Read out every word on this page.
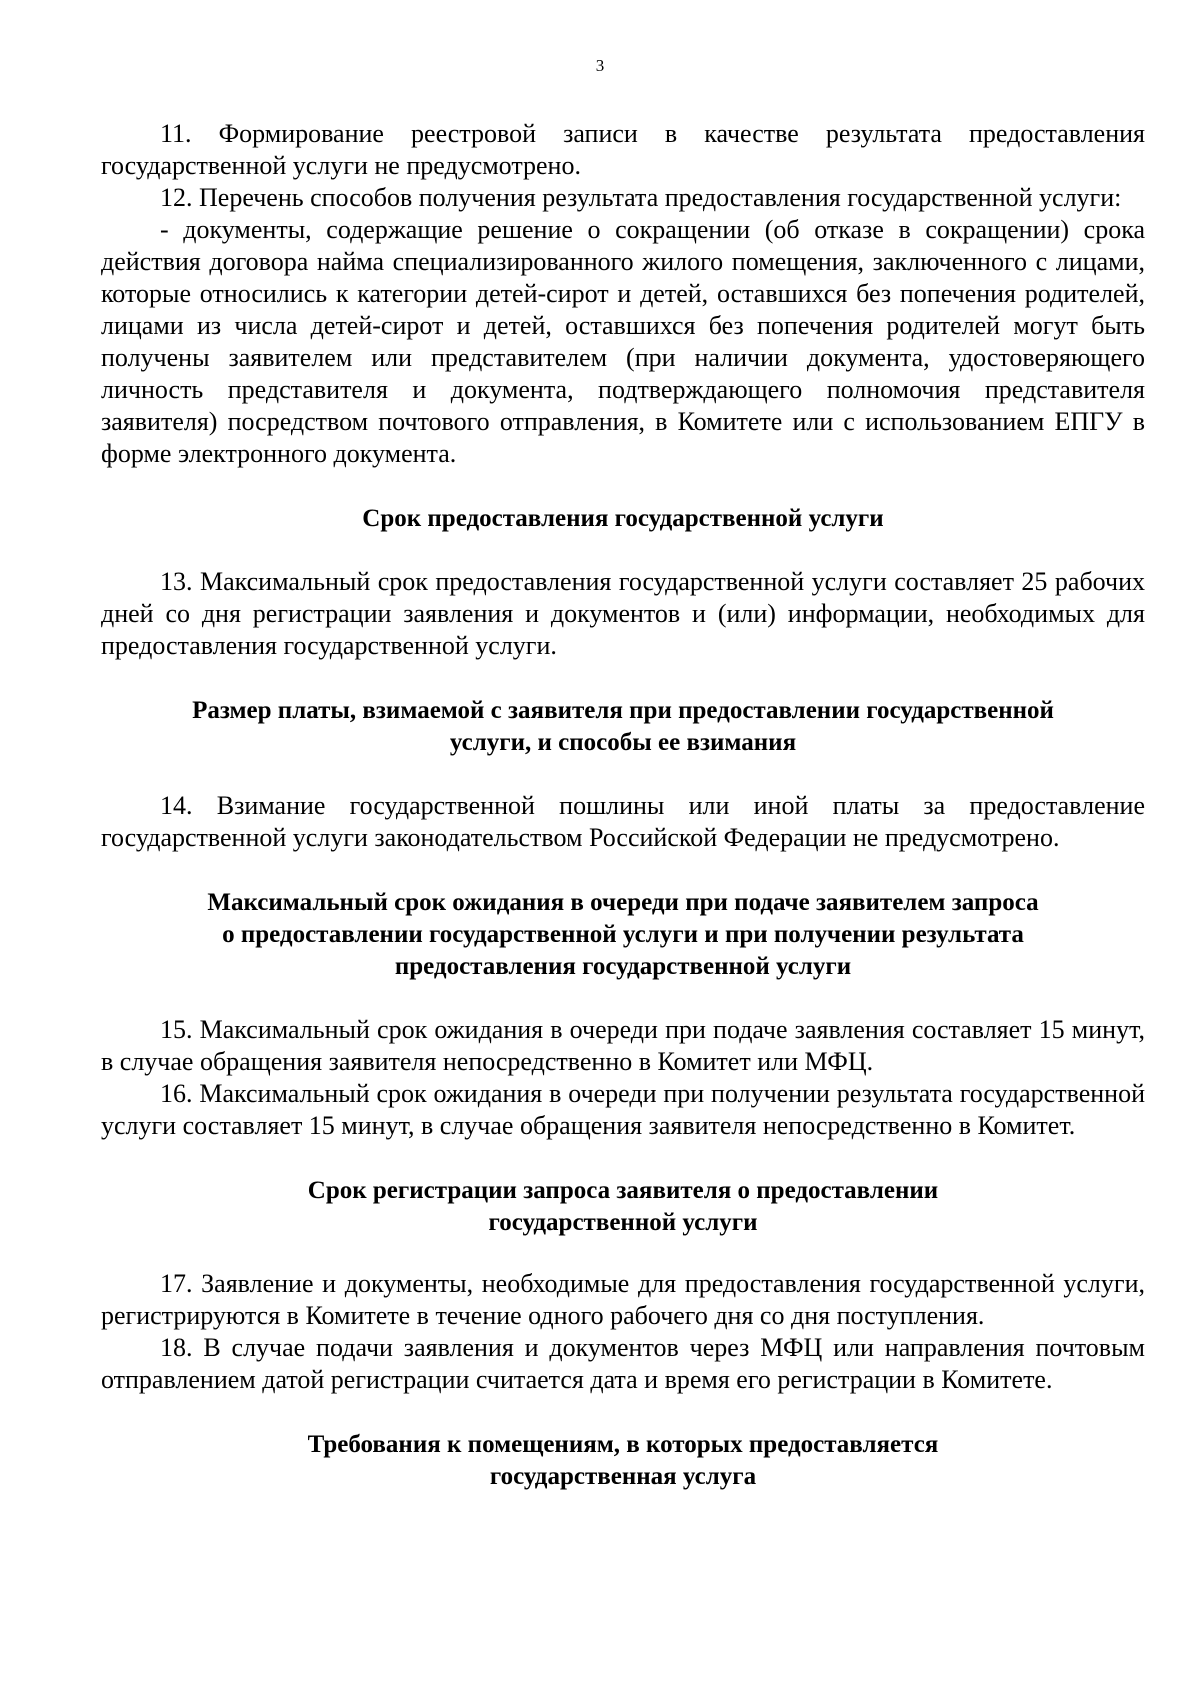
3

11. Формирование реестровой записи в качестве результата предоставления государственной услуги не предусмотрено.

12. Перечень способов получения результата предоставления государственной услуги:

- документы, содержащие решение о сокращении (об отказе в сокращении) срока действия договора найма специализированного жилого помещения, заключенного с лицами, которые относились к категории детей-сирот и детей, оставшихся без попечения родителей, лицами из числа детей-сирот и детей, оставшихся без попечения родителей могут быть получены заявителем или представителем (при наличии документа, удостоверяющего личность представителя и документа, подтверждающего полномочия представителя заявителя) посредством почтового отправления, в Комитете или с использованием ЕПГУ в форме электронного документа.

Срок предоставления государственной услуги

13. Максимальный срок предоставления государственной услуги составляет 25 рабочих дней со дня регистрации заявления и документов и (или) информации, необходимых для предоставления государственной услуги.

Размер платы, взимаемой с заявителя при предоставлении государственной
услуги, и способы ее взимания

14. Взимание государственной пошлины или иной платы за предоставление государственной услуги законодательством Российской Федерации не предусмотрено.

Максимальный срок ожидания в очереди при подаче заявителем запроса
о предоставлении государственной услуги и при получении результата
предоставления государственной услуги

15. Максимальный срок ожидания в очереди при подаче заявления составляет 15 минут, в случае обращения заявителя непосредственно в Комитет или МФЦ.

16. Максимальный срок ожидания в очереди при получении результата государственной услуги составляет 15 минут, в случае обращения заявителя непосредственно в Комитет.

Срок регистрации запроса заявителя о предоставлении
государственной услуги

17. Заявление и документы, необходимые для предоставления государственной услуги, регистрируются в Комитете в течение одного рабочего дня со дня поступления.

18. В случае подачи заявления и документов через МФЦ или направления почтовым отправлением датой регистрации считается дата и время его регистрации в Комитете.

Требования к помещениям, в которых предоставляется
государственная услуга
